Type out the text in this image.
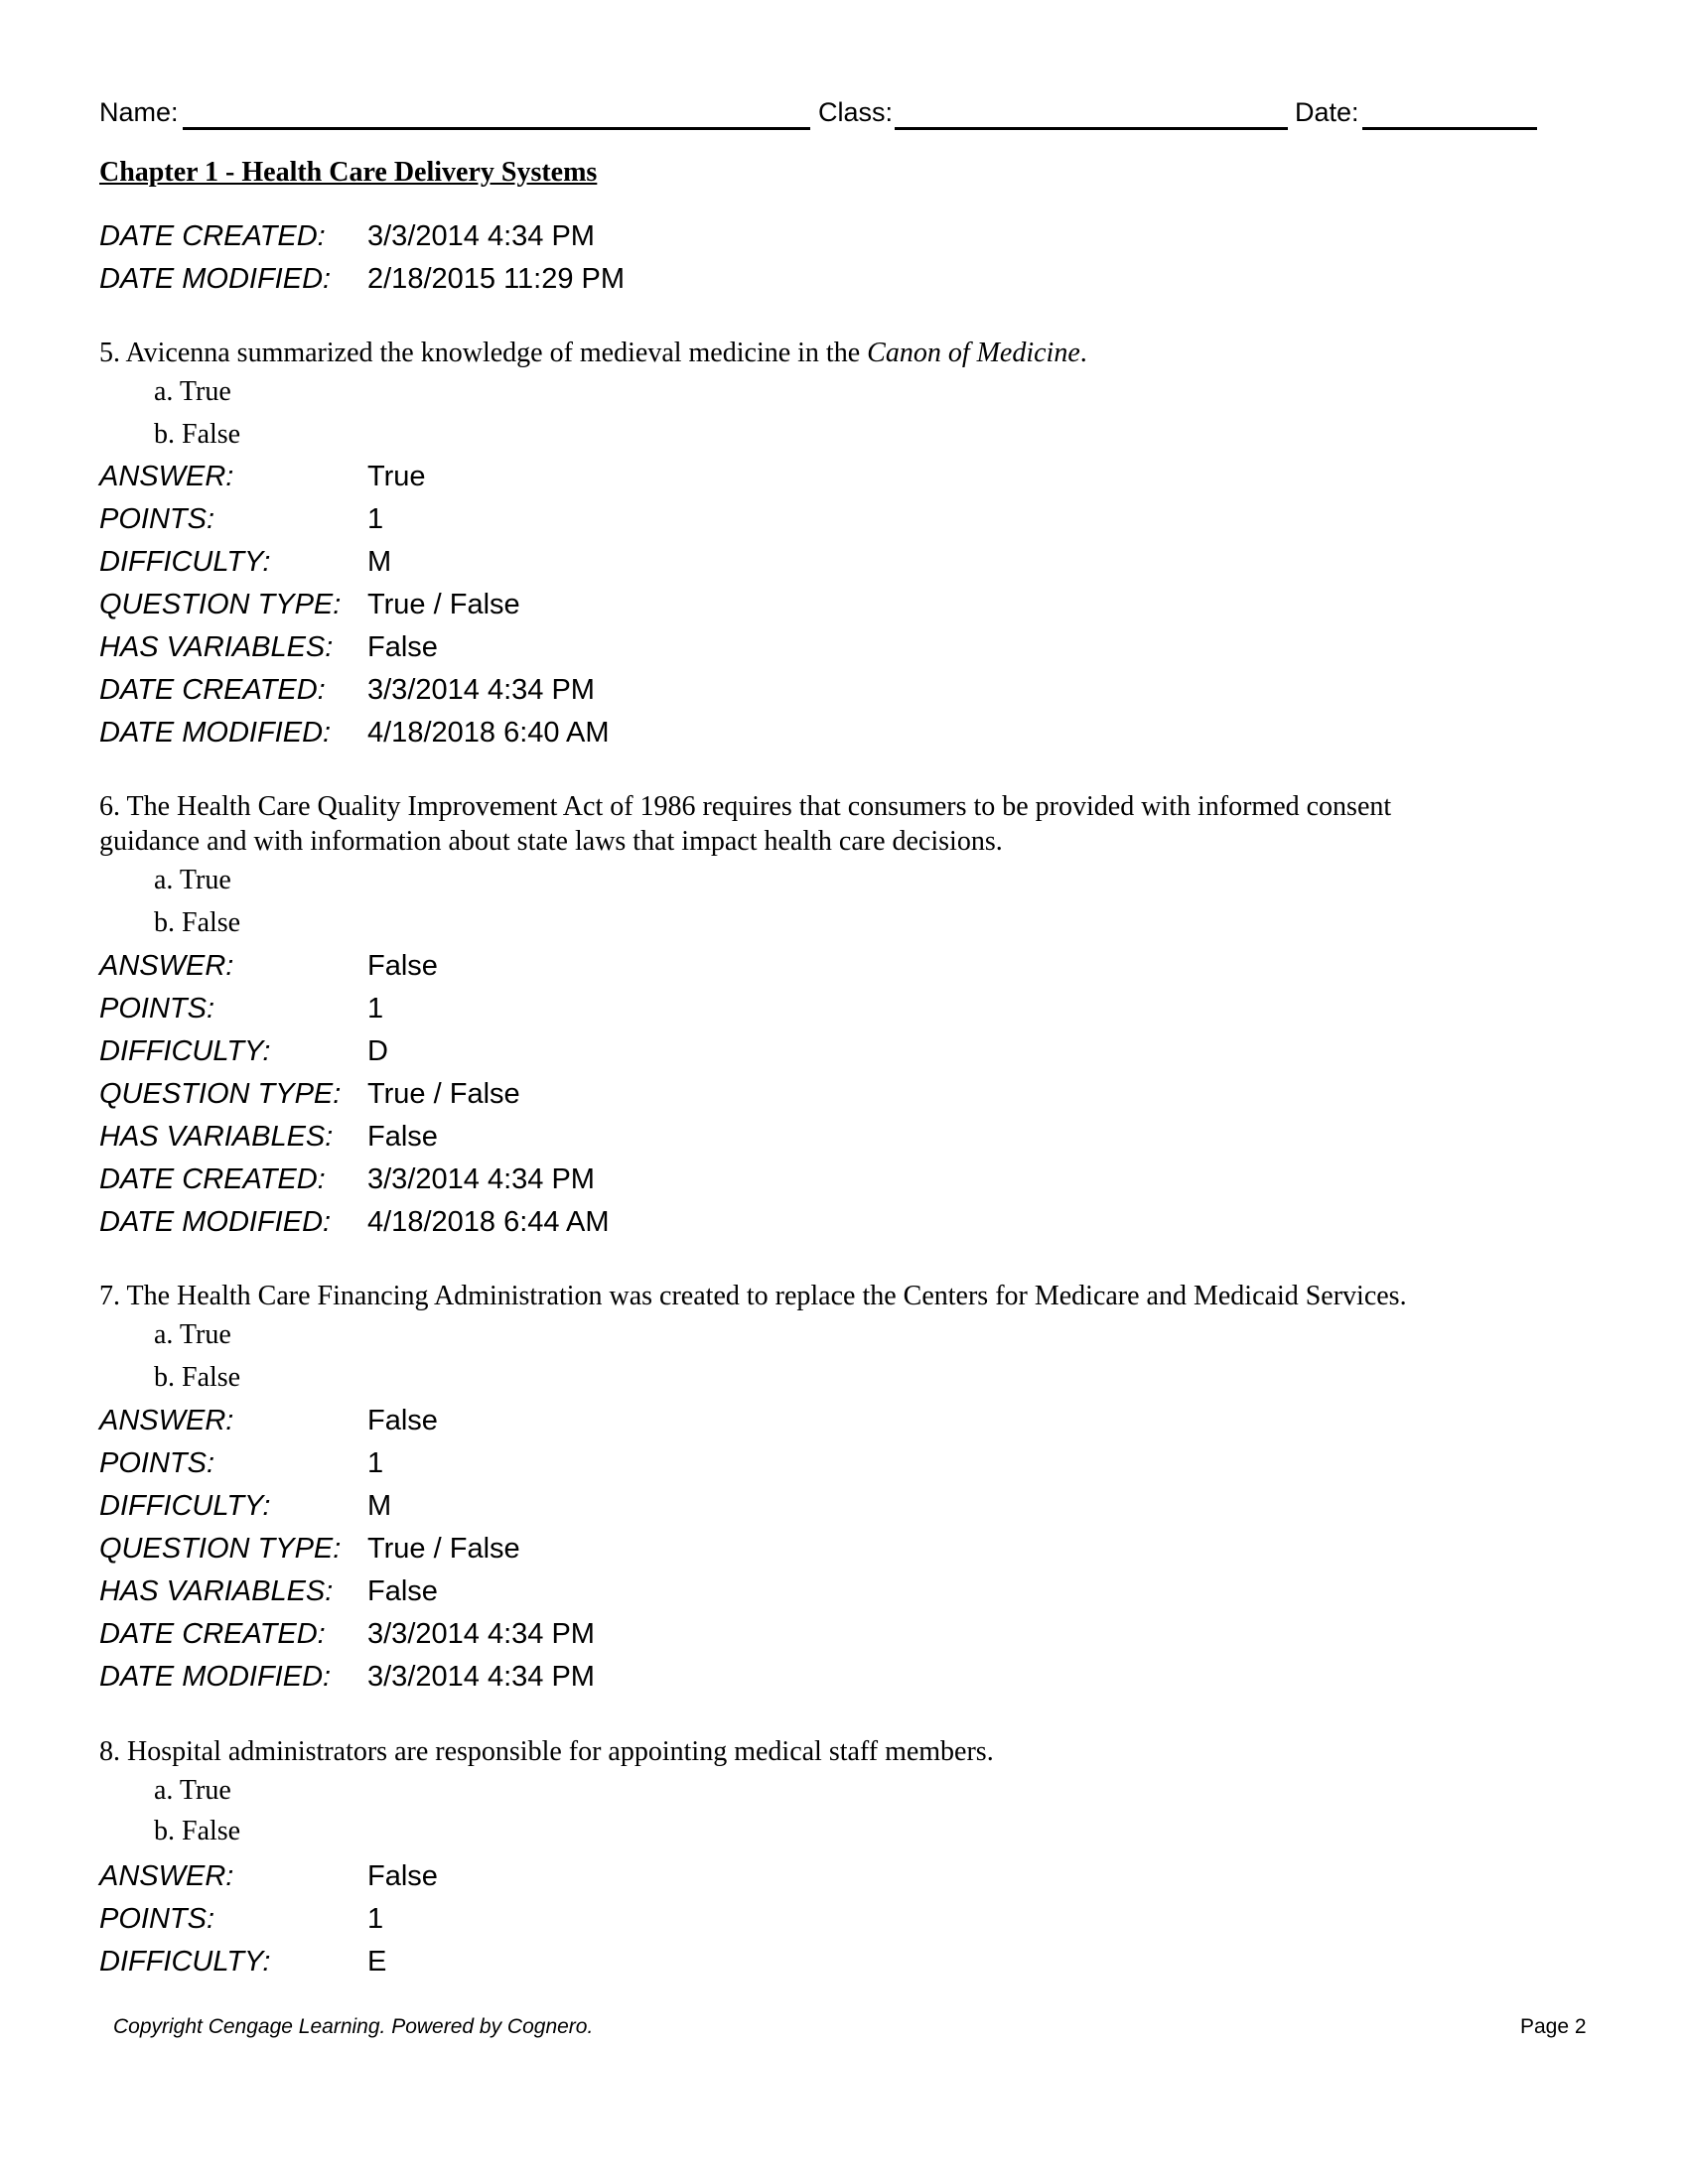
Name:	Class:	Date:
Chapter 1 - Health Care Delivery Systems
DATE CREATED: 3/3/2014 4:34 PM
DATE MODIFIED: 2/18/2015 11:29 PM
5. Avicenna summarized the knowledge of medieval medicine in the Canon of Medicine.
a. True
b. False
ANSWER:	True
POINTS:	1
DIFFICULTY:	M
QUESTION TYPE: True / False
HAS VARIABLES: False
DATE CREATED: 3/3/2014 4:34 PM
DATE MODIFIED: 4/18/2018 6:40 AM
6. The Health Care Quality Improvement Act of 1986 requires that consumers to be provided with informed consent
guidance and with information about state laws that impact health care decisions.
a. True
b. False
ANSWER:	False
POINTS:	1
DIFFICULTY:	D
QUESTION TYPE: True / False
HAS VARIABLES: False
DATE CREATED: 3/3/2014 4:34 PM
DATE MODIFIED: 4/18/2018 6:44 AM
7. The Health Care Financing Administration was created to replace the Centers for Medicare and Medicaid Services.
a. True
b. False
ANSWER:	False
POINTS:	1
DIFFICULTY:	M
QUESTION TYPE: True / False
HAS VARIABLES: False
DATE CREATED: 3/3/2014 4:34 PM
DATE MODIFIED: 3/3/2014 4:34 PM
8. Hospital administrators are responsible for appointing medical staff members.
a. True
b. False
ANSWER:	False
POINTS:	1
DIFFICULTY:	E
Copyright Cengage Learning. Powered by Cognero.	Page 2
